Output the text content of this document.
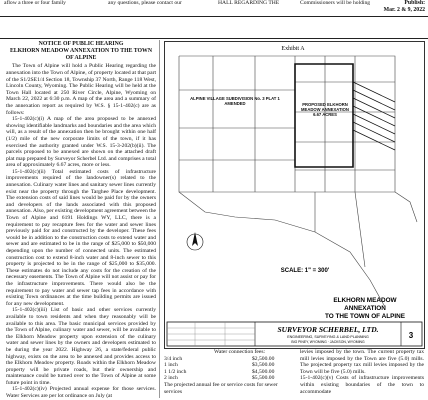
aflow a three or four family	any questions, please contact our	HALL REGARDING THE	Commissioners will be holding	Publish:
Mar. 2 & 9, 2022
NOTICE OF PUBLIC HEARING
ELKHORN MEADOW ANNEXATION TO THE TOWN OF ALPINE

The Town of Alpine will hold a Public Hearing regarding the annexation into the Town of Alpine, of property located at that part of the S1/2SE1/4 Section 18, Township 37 North, Range 118 West, Lincoln County, Wyoming. The Public Hearing will be held at the Town Hall located at 250 River Circle, Alpine, Wyoming on March 22, 2022 at 6:30 p.m. A map of the area and a summary of the annexation report as required by W.S. § 15-1-402(c) are as follows:

15-1-402(c)(i) A map of the area proposed to be annexed showing identifiable landmarks and boundaries and the area which will, as a result of the annexation then be brought within one half (1/2) mile of the new corporate limits of the town, if it has exercised the authority granted under W.S. 15-3-202(b)(ii). The parcels proposed to be annexed are shown on the attached draft plat map prepared by Surveyor Scherbel Ltd. and comprises a total area of approximately 6.67 acres, more or less.

15-1-402(c)(ii) Total estimated costs of infrastructure improvements required of the landowner(s) related to the annexation. Culinary water lines and sanitary sewer lines currently exist near the property through the Targhee Place development. The extension costs of said lines would be paid for by the owners and developers of the lands associated with this proposed annexation. Also, per existing development agreement between the Town of Alpine and 6191 Holdings WY, LLC, there is a requirement to pay recapture fees for the water and sewer lines previously paid for and constructed by the developer. These fees would be in addition to the construction costs to extend water and sewer and are estimated to be in the range of $25,000 to $50,000 depending upon the number of connected units. The estimated construction cost to extend 8-inch water and 8-inch sewer to this property is projected to be in the range of $25,000 to $35,000. These estimates do not include any costs for the creation of the necessary easements. The Town of Alpine will not assist or pay for the infrastructure improvements. There would also be the requirement to pay water and sewer tap fees in accordance with existing Town ordinances at the time building permits are issued for any new development.

15-1-402(c)(iii) List of basic and other services currently available to town residents and when they reasonably will be available to this area. The basic municipal services provided by the Town of Alpine, culinary water and sewer, will be available to the Elkhorn Meadow property upon extension of the culinary water and sewer lines by the owners and developers estimated to be during the year 2022. Highway 26, a state/federal public highway, exists on the area to be annexed and provides access to the Elkhorn Meadow property. Roads within the Elkhorn Meadow property will be private roads, but their ownership and maintenance could be turned over to the Town of Alpine at some future point in time.

15-1-402(c)(iv) Projected annual expense for those services. Water Services are per lot ordinance on July (at

Exhibit A
ALPINE VILLAGE SUBDIVISION No. 3 PLAT 1 AMENDED	PROPOSED ELKHORN MEADOW ANNEXATION 6.67 ACRES
SCALE: 1" = 300'
ELKHORN MEADOW
ANNEXATION
TO THE TOWN OF ALPINE
SURVEYOR SCHERBEL, LTD.
ENGINEERING, SURVEYING & LAND PLANNING
BIG PINEY, WYOMING · JACKSON, WYOMING
3
Water connection fees:
3/4 inch	$2,500.00
1 inch	$3,500.00
1 1/2 inch	$4,500.00
2 inch	$5,500.00
The projected annual fee or service costs for sewer services

levies imposed by the town. The current property tax mill levies imposed by the Town are five (5.0) mills. The projected property tax mill levies imposed by the Town will be five (5.0) mills.

15-1-402(c)(v) Costs of infrastructure improvements within existing boundaries of the town to accommodate
